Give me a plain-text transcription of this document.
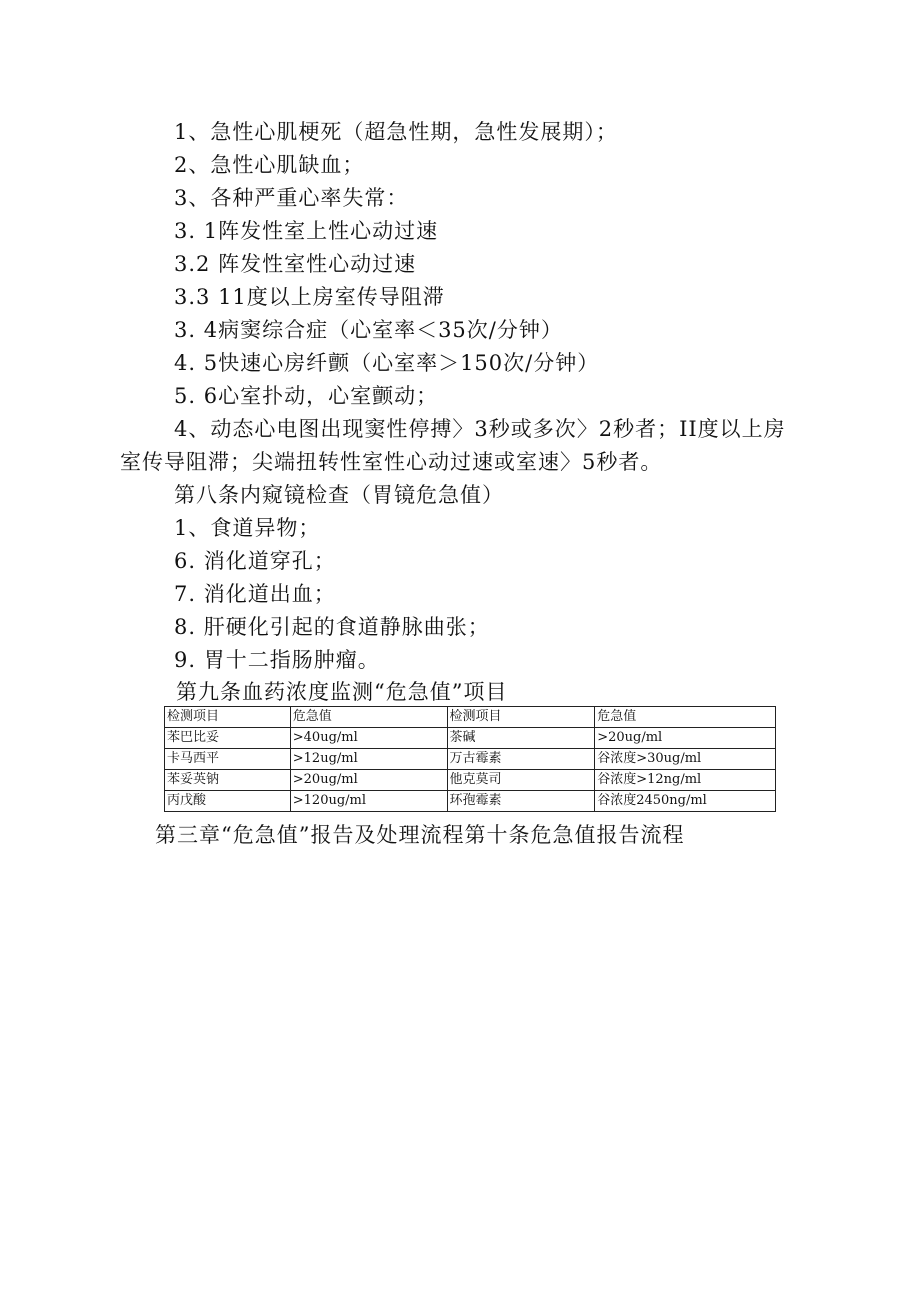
1、急性心肌梗死（超急性期，急性发展期）；
2、急性心肌缺血；
3、各种严重心率失常：
3. 1阵发性室上性心动过速
3.2 阵发性室性心动过速
3.3 11度以上房室传导阻滞
3. 4病窦综合症（心室率＜35次/分钟）
4. 5快速心房纤颤（心室率＞150次/分钟）
5. 6心室扑动，心室颤动；
4、动态心电图出现窦性停搏〉3秒或多次〉2秒者；II度以上房
室传导阻滞；尖端扭转性室性心动过速或室速〉5秒者。
第八条内窥镜检查（胃镜危急值）
1、食道异物；
6. 消化道穿孔；
7. 消化道出血；
8. 肝硬化引起的食道静脉曲张；
9. 胃十二指肠肿瘤。
第九条血药浓度监测“危急值”项目
检测项目	危急值	检测项目	危急值
苯巴比妥	>40ug/ml	茶碱	>20ug/ml
卡马西平	>12ug/ml	万古霉素	谷浓度>30ug/ml
苯妥英钠	>20ug/ml	他克莫司	谷浓度>12ng/ml
丙戊酸	>120ug/ml	环孢霉素	谷浓度2450ng/ml
第三章“危急值”报告及处理流程第十条危急值报告流程
